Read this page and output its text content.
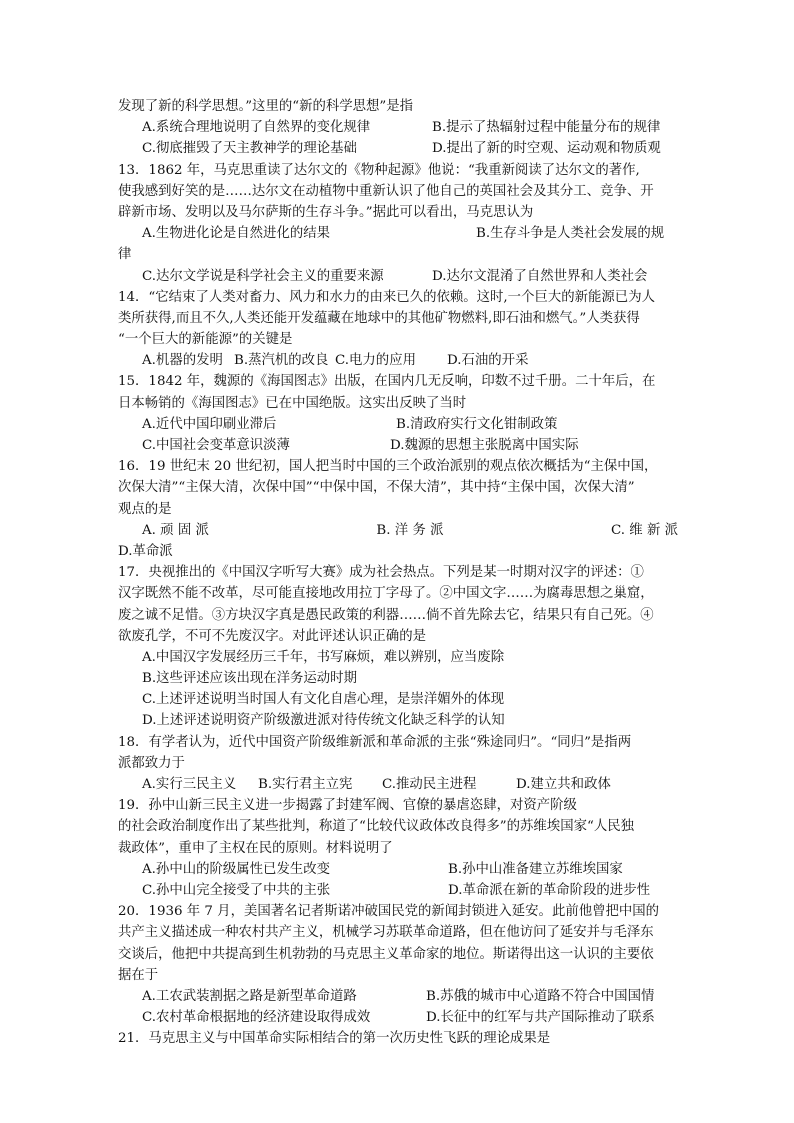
发现了新的科学思想。”这里的“新的科学思想”是指
A.系统合理地说明了自然界的变化规律	B.提示了热辐射过程中能量分布的规律
C.彻底摧毁了天主教神学的理论基础	D.提出了新的时空观、运动观和物质观
13．1862 年，马克思重读了达尔文的《物种起源》他说：“我重新阅读了达尔文的著作,
使我感到好笑的是……达尔文在动植物中重新认识了他自己的英国社会及其分工、竞争、开
辟新市场、发明以及马尔萨斯的生存斗争。”据此可以看出，马克思认为
A.生物进化论是自然进化的结果	B.生存斗争是人类社会发展的规
律
C.达尔文学说是科学社会主义的重要来源	D.达尔文混淆了自然世界和人类社会
14．“它结束了人类对畜力、风力和水力的由来已久的依赖。这时,一个巨大的新能源已为人
类所获得,而且不久,人类还能开发蕴藏在地球中的其他矿物燃料,即石油和燃气。”人类获得
“一个巨大的新能源”的关键是
A.机器的发明 B.蒸汽机的改良 C.电力的应用	D.石油的开采
15．1842 年，魏源的《海国图志》出版，在国内几无反响，印数不过千册。二十年后，在
日本畅销的《海国图志》已在中国绝版。这实出反映了当时
A.近代中国印刷业滞后	B.清政府实行文化钳制政策
C.中国社会变革意识淡薄	D.魏源的思想主张脱离中国实际
16．19 世纪末 20 世纪初，国人把当时中国的三个政治派别的观点依次概括为“主保中国，
次保大清”“主保大清，次保中国”“中保中国，不保大清”，其中持“主保中国，次保大清”
观点的是
A. 顽 固 派	B. 洋 务 派	C. 维 新 派
D.革命派
17．央视推出的《中国汉字听写大赛》成为社会热点。下列是某一时期对汉字的评述：①
汉字既然不能不改革，尽可能直接地改用拉丁字母了。②中国文字……为腐毒思想之巢窟，
废之诚不足惜。③方块汉字真是愚民政策的利器……倘不首先除去它，结果只有自己死。④
欲废孔学，不可不先废汉字。对此评述认识正确的是
A.中国汉字发展经历三千年，书写麻烦，难以辨别，应当废除
B.这些评述应该出现在洋务运动时期
C.上述评述说明当时国人有文化自虐心理，是崇洋媚外的体现
D.上述评述说明资产阶级激进派对待传统文化缺乏科学的认知
18．有学者认为，近代中国资产阶级维新派和革命派的主张“殊途同归”。“同归”是指两
派都致力于
A.实行三民主义	B.实行君主立宪	C.推动民主进程	D.建立共和政体
19．孙中山新三民主义进一步揭露了封建军阀、官僚的暴虐恣肆，对资产阶级
的社会政治制度作出了某些批判，称道了“比较代议政体改良得多”的苏维埃国家“人民独
裁政体”，重申了主权在民的原则。材料说明了
A.孙中山的阶级属性已发生改变	B.孙中山准备建立苏维埃国家
C.孙中山完全接受了中共的主张	D.革命派在新的革命阶段的进步性
20．1936 年 7 月，美国著名记者斯诺冲破国民党的新闻封锁进入延安。此前他曾把中国的
共产主义描述成一种农村共产主义，机械学习苏联革命道路，但在他访问了延安并与毛泽东
交谈后，他把中共提高到生机勃勃的马克思主义革命家的地位。斯诺得出这一认识的主要依
据在于
A.工农武装割据之路是新型革命道路	B.苏俄的城市中心道路不符合中国国情
C.农村革命根据地的经济建设取得成效	D.长征中的红军与共产国际推动了联系
21．马克思主义与中国革命实际相结合的第一次历史性飞跃的理论成果是
